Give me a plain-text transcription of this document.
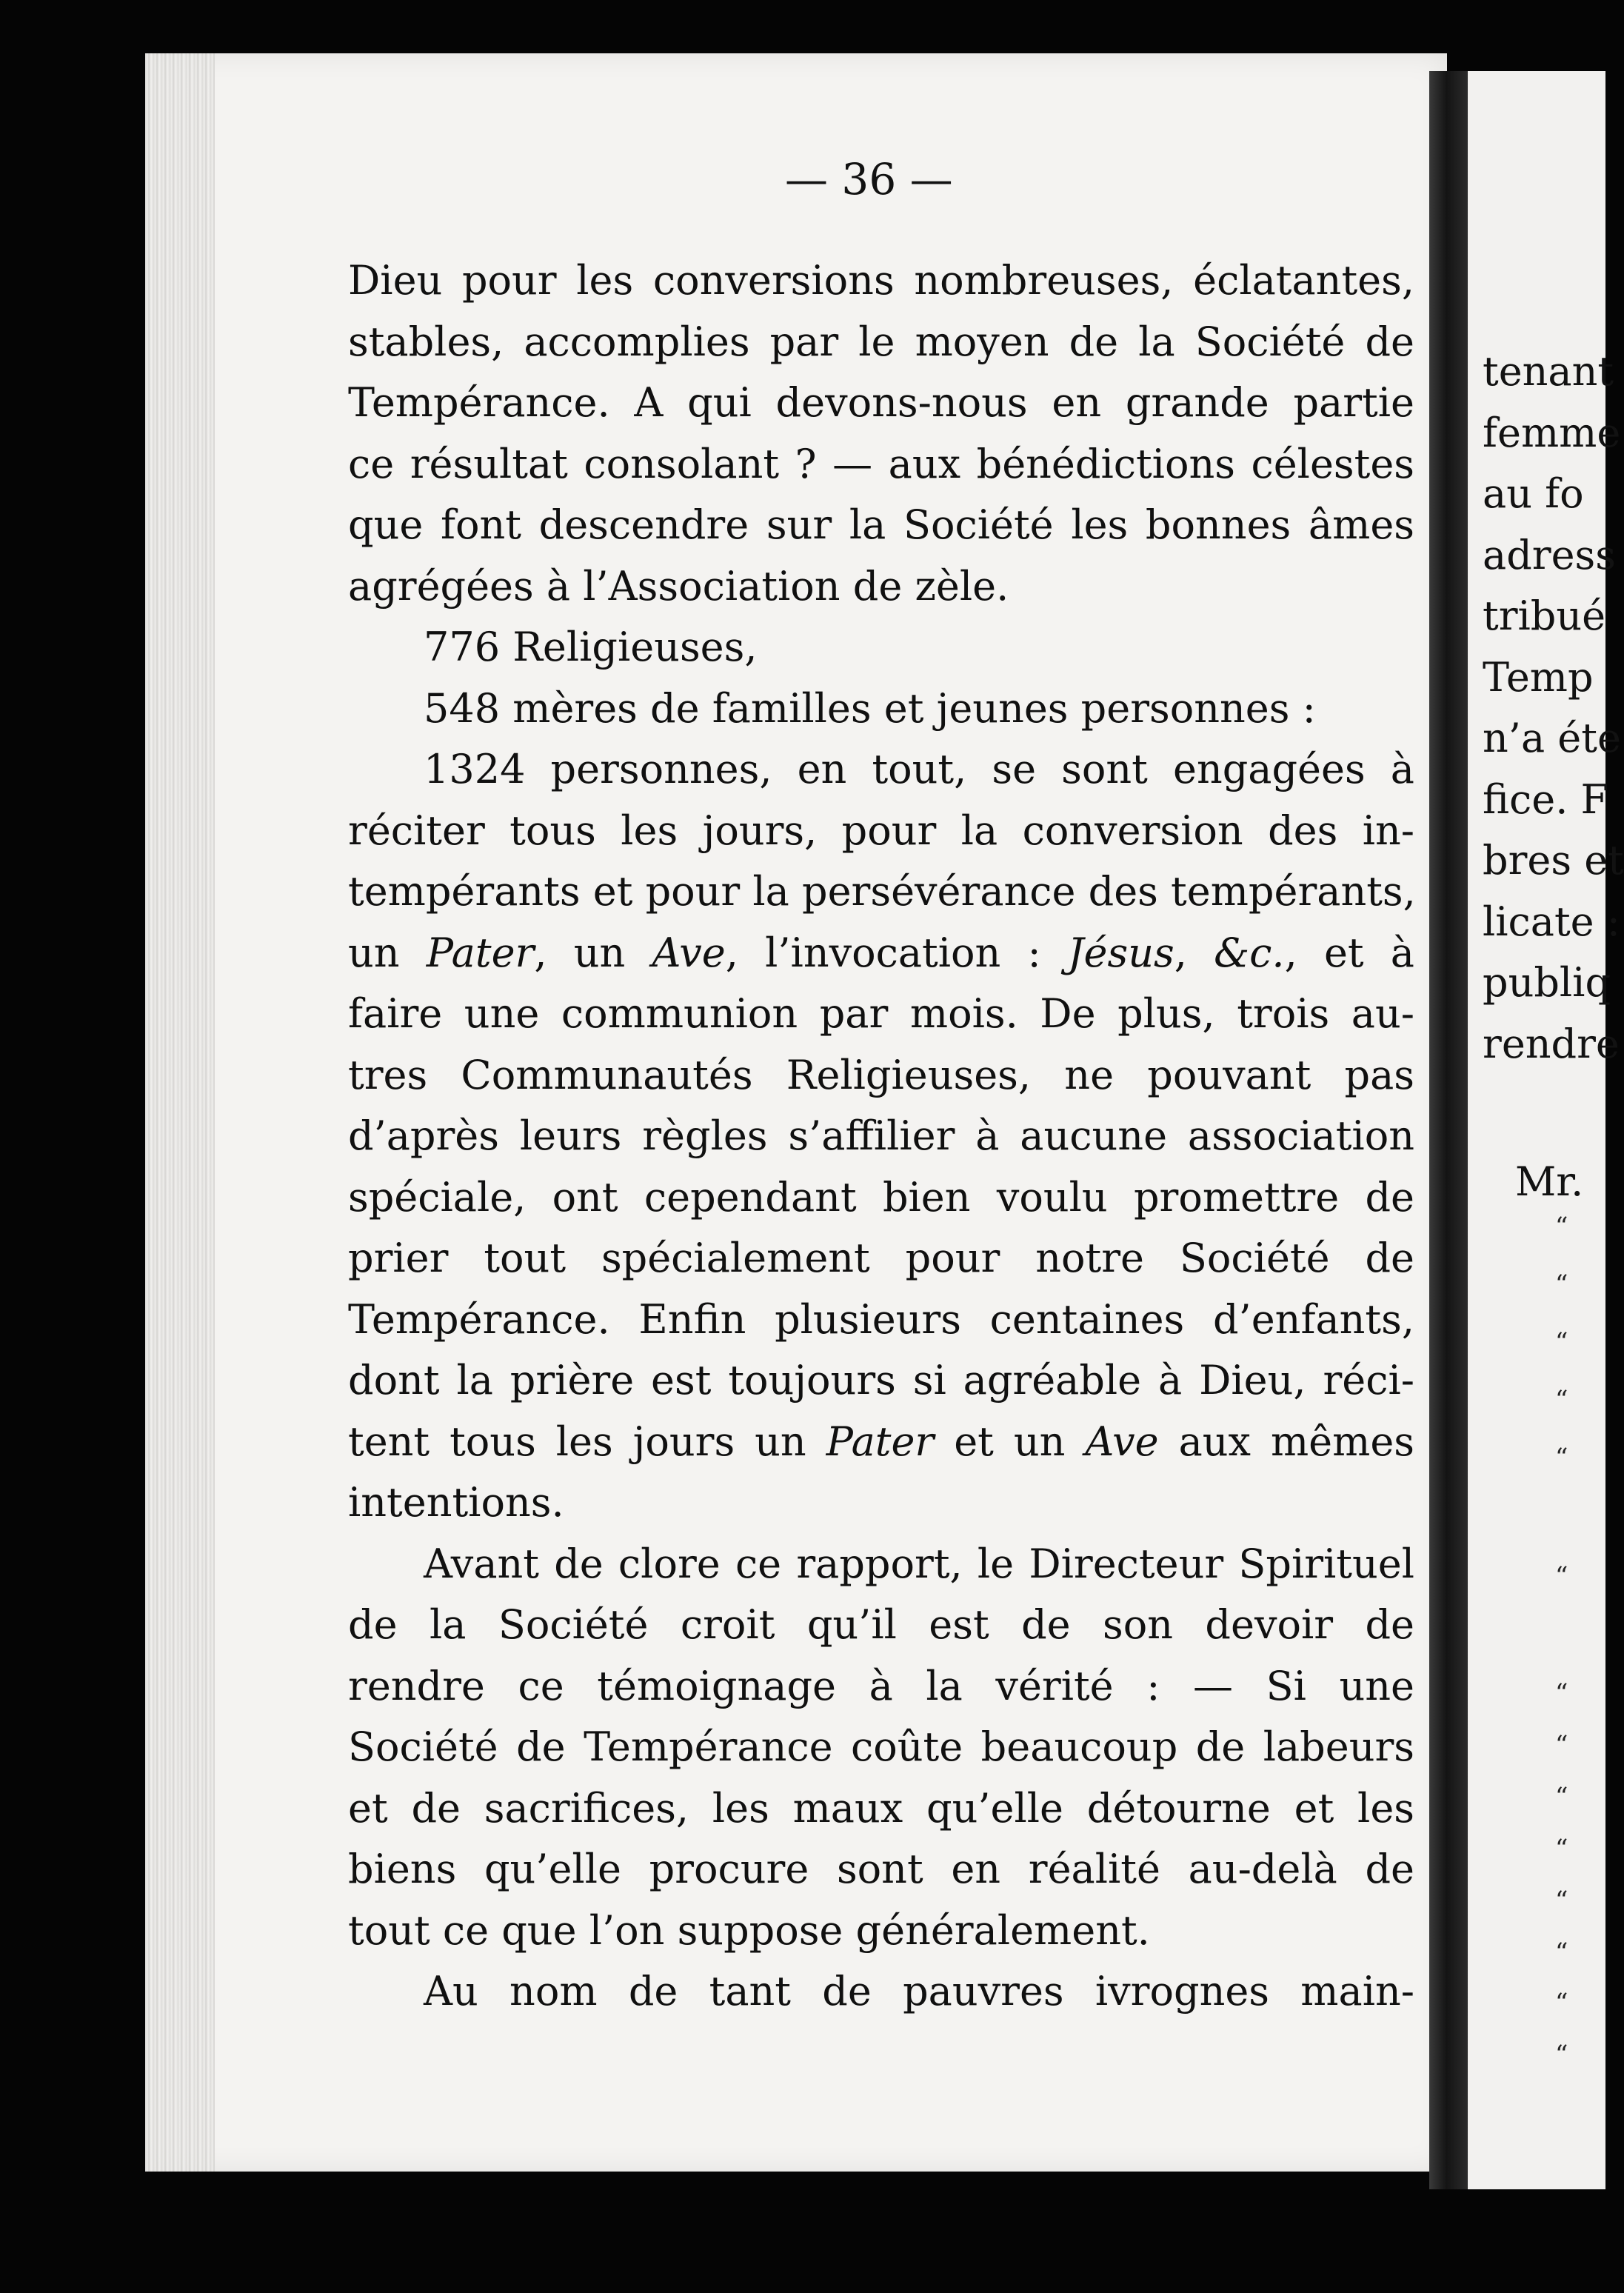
— 36 —
Dieu pour les conversions nombreuses, éclatantes,
stables, accomplies par le moyen de la Société de
Tempérance. A qui devons-nous en grande partie
ce résultat consolant ? — aux bénédictions célestes
que font descendre sur la Société les bonnes âmes
agrégées à l’Association de zèle.
776 Religieuses,
548 mères de familles et jeunes personnes :
1324 personnes, en tout, se sont engagées à
réciter tous les jours, pour la conversion des in-
tempérants et pour la persévérance des tempérants,
un Pater, un Ave, l’invocation : Jésus, &c., et à
faire une communion par mois. De plus, trois au-
tres Communautés Religieuses, ne pouvant pas
d’après leurs règles s’affilier à aucune association
spéciale, ont cependant bien voulu promettre de
prier tout spécialement pour notre Société de
Tempérance. Enfin plusieurs centaines d’enfants,
dont la prière est toujours si agréable à Dieu, réci-
tent tous les jours un Pater et un Ave aux mêmes
intentions.
Avant de clore ce rapport, le Directeur Spirituel
de la Société croit qu’il est de son devoir de
rendre ce témoignage à la vérité : — Si une
Société de Tempérance coûte beaucoup de labeurs
et de sacrifices, les maux qu’elle détourne et les
biens qu’elle procure sont en réalité au-delà de
tout ce que l’on suppose généralement.
Au nom de tant de pauvres ivrognes main-
tenant
femme
au fo
adress
tribué
Temp
n’a éte
fice. F
bres et
licate :
publiq
rendre
Mr.
“
“
“
“
“
“
“
“
“
“
“
“
“
“
